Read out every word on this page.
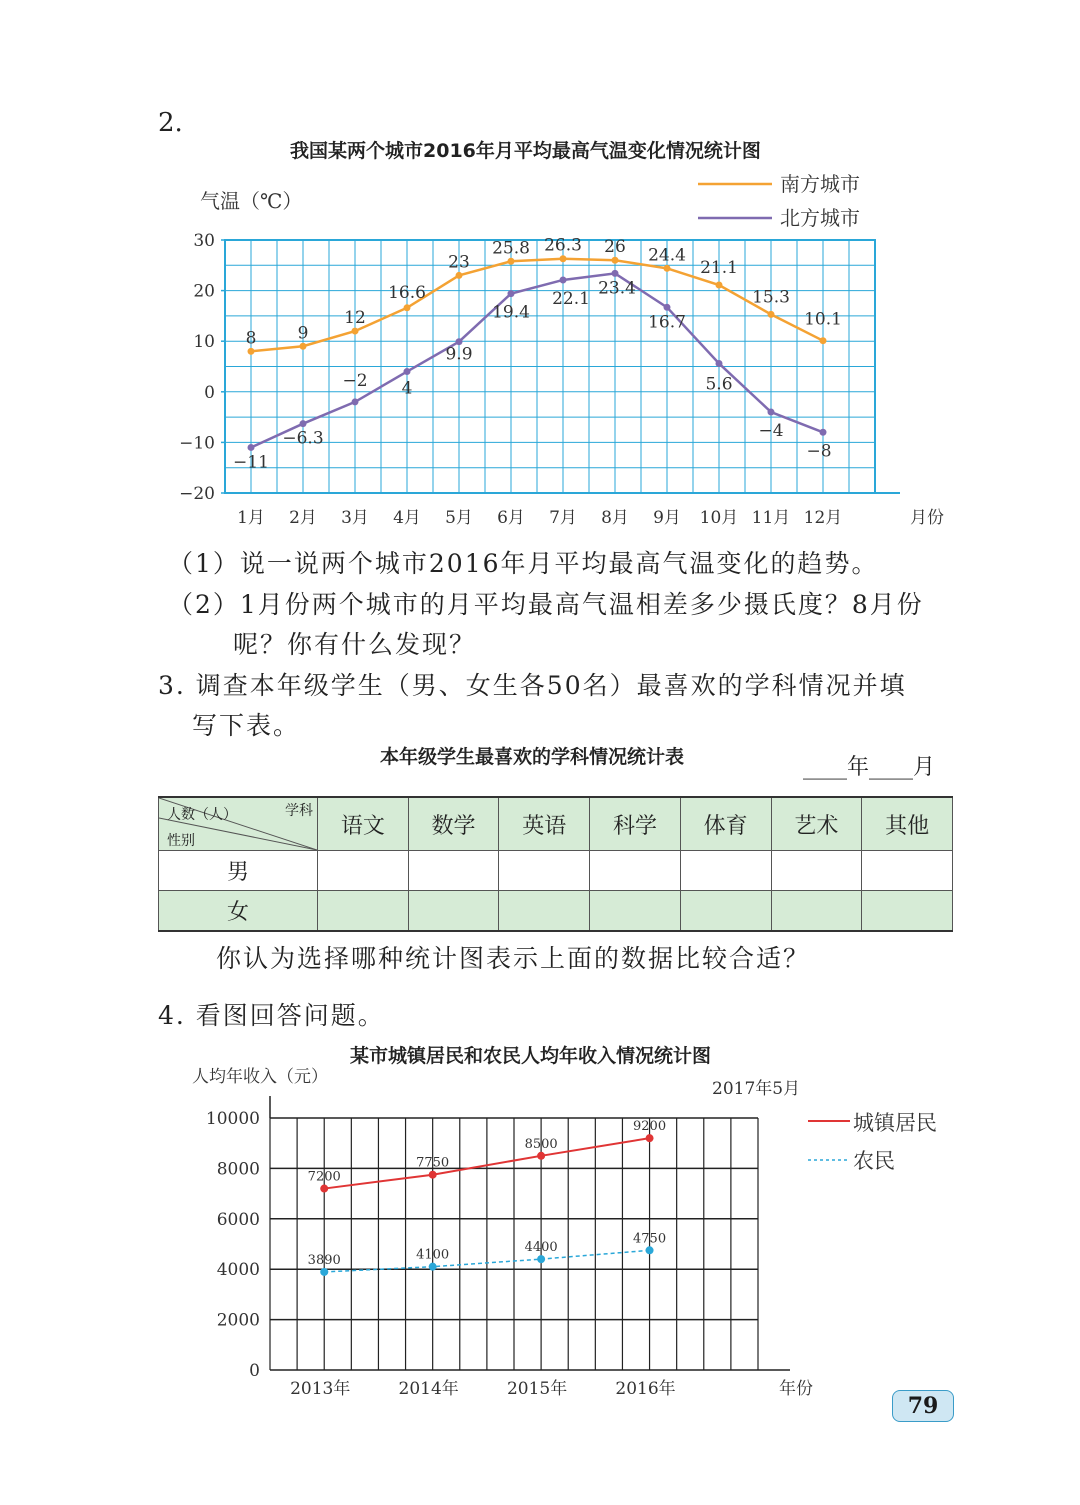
2.
我国某两个城市2016年月平均最高气温变化情况统计图
30
20
10
0
−10
−20
气温（℃）
1月 2月 3月 4月 5月 6月 7月 8月 9月 10月 11月 12月	月份
南方城市
北方城市
8 9
12
16.6
23
25.8 26.3 26 24.4
21.1
15.3
10.1
−11
−6.3
−2 4
9.9
19.4
22.1
23.4
16.7
5.6
−4
−8
（1）说一说两个城市2016年月平均最高气温变化的趋势。
（2）1月份两个城市的月平均最高气温相差多少摄氏度？8月份
呢？你有什么发现？
3. 调查本年级学生（男、女生各50名）最喜欢的学科情况并填
写下表。
本年级学生最喜欢的学科情况统计表	____年____月
学科
人数（人）
性别	语文	数学	英语	科学	体育	艺术	其他
男							
女							
你认为选择哪种统计图表示上面的数据比较合适？
4. 看图回答问题。
某市城镇居民和农民人均年收入情况统计图
10000
8000
6000
4000
2000
0
人均年收入（元）
2017年5月
2013年	2014年	2015年	2016年	年份
城镇居民
农民
7200
7750
8500
9200
3890	4100
4400
4750
79
